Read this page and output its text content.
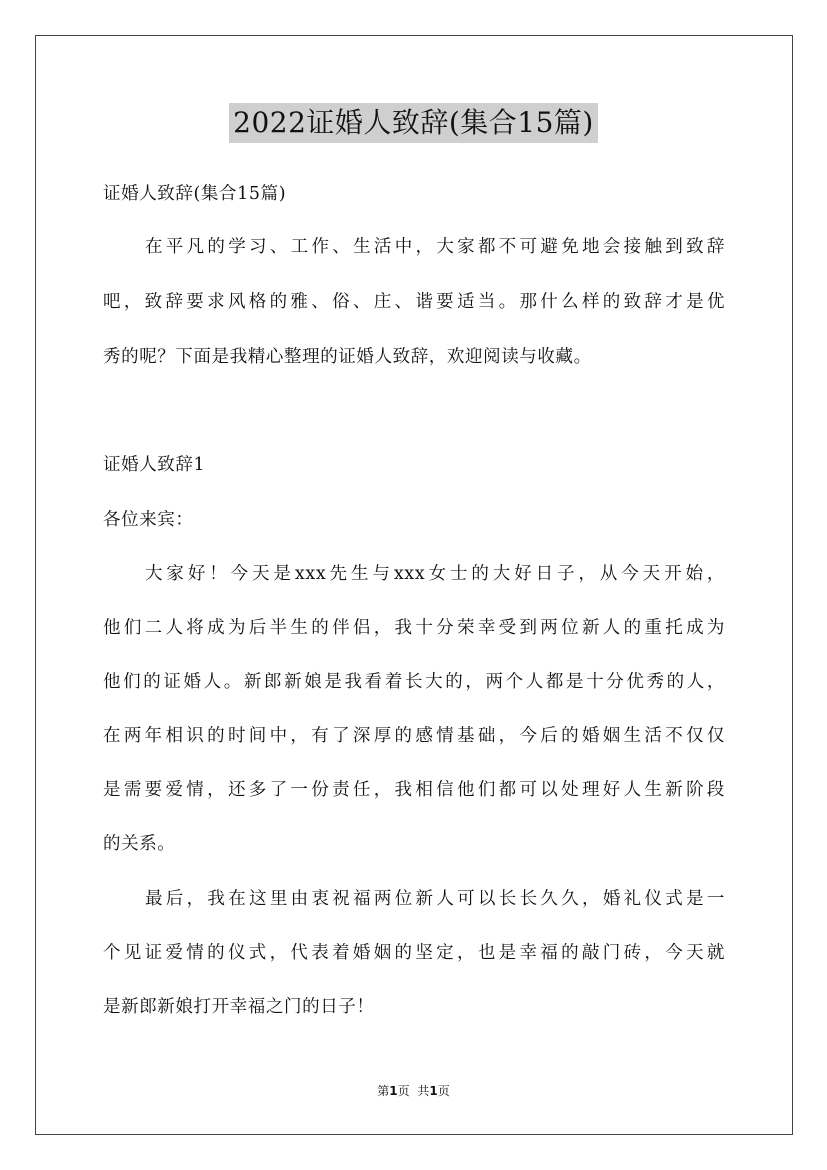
2022证婚人致辞(集合15篇)
证婚人致辞(集合15篇)
在平凡的学习、工作、生活中，大家都不可避免地会接触到致辞
吧，致辞要求风格的雅、俗、庄、谐要适当。那什么样的致辞才是优
秀的呢？下面是我精心整理的证婚人致辞，欢迎阅读与收藏。
证婚人致辞1
各位来宾：
大家好！今天是xxx先生与xxx女士的大好日子，从今天开始，
他们二人将成为后半生的伴侣，我十分荣幸受到两位新人的重托成为
他们的证婚人。新郎新娘是我看着长大的，两个人都是十分优秀的人，
在两年相识的时间中，有了深厚的感情基础，今后的婚姻生活不仅仅
是需要爱情，还多了一份责任，我相信他们都可以处理好人生新阶段
的关系。
最后，我在这里由衷祝福两位新人可以长长久久，婚礼仪式是一
个见证爱情的仪式，代表着婚姻的坚定，也是幸福的敲门砖，今天就
是新郎新娘打开幸福之门的日子！
第1页 共1页
